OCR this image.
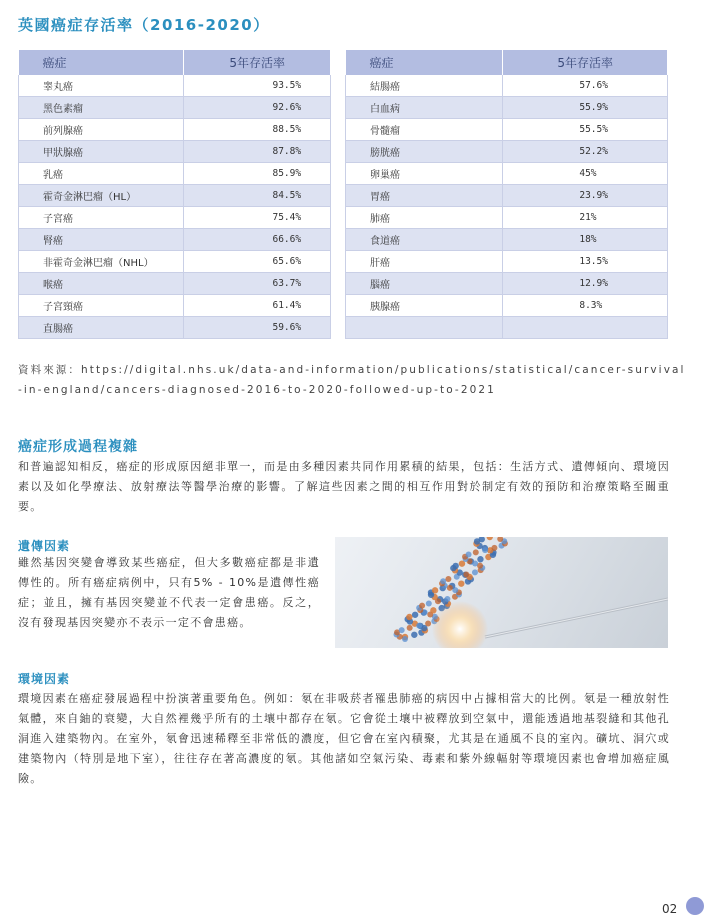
英國癌症存活率（2016-2020）
癌症	5年存活率
睾丸癌	93.5%
黑色素瘤	92.6%
前列腺癌	88.5%
甲狀腺癌	87.8%
乳癌	85.9%
霍奇金淋巴瘤（HL）	84.5%
子宮癌	75.4%
腎癌	66.6%
非霍奇金淋巴瘤（NHL）	65.6%
喉癌	63.7%
子宮頸癌	61.4%
直腸癌	59.6%
癌症	5年存活率
結腸癌	57.6%
白血病	55.9%
骨髓瘤	55.5%
膀胱癌	52.2%
卵巢癌	45%
胃癌	23.9%
肺癌	21%
食道癌	18%
肝癌	13.5%
腦癌	12.9%
胰腺癌	8.3%

資料來源：https://digital.nhs.uk/data-and-information/publications/statistical/cancer-survival-in-england/cancers-diagnosed-2016-to-2020-followed-up-to-2021
癌症形成過程複雜
和普遍認知相反，癌症的形成原因絕非單一，而是由多種因素共同作用累積的結果，包括：生活方式、遺傳傾向、環境因素以及如化學療法、放射療法等醫學治療的影響。了解這些因素之間的相互作用對於制定有效的預防和治療策略至關重要。
遺傳因素
雖然基因突變會導致某些癌症，但大多數癌症都是非遺傳性的。所有癌症病例中，只有5% - 10%是遺傳性癌症；並且，擁有基因突變並不代表一定會患癌。反之，沒有發現基因突變亦不表示一定不會患癌。
環境因素
環境因素在癌症發展過程中扮演著重要角色。例如：氡在非吸菸者罹患肺癌的病因中占據相當大的比例。氡是一種放射性氣體，來自鈾的衰變，大自然裡幾乎所有的土壤中都存在氡。它會從土壤中被釋放到空氣中，還能透過地基裂縫和其他孔洞進入建築物內。在室外，氡會迅速稀釋至非常低的濃度，但它會在室內積聚，尤其是在通風不良的室內。礦坑、洞穴或建築物內（特別是地下室），往往存在著高濃度的氡。其他諸如空氣污染、毒素和紫外線輻射等環境因素也會增加癌症風險。
02
